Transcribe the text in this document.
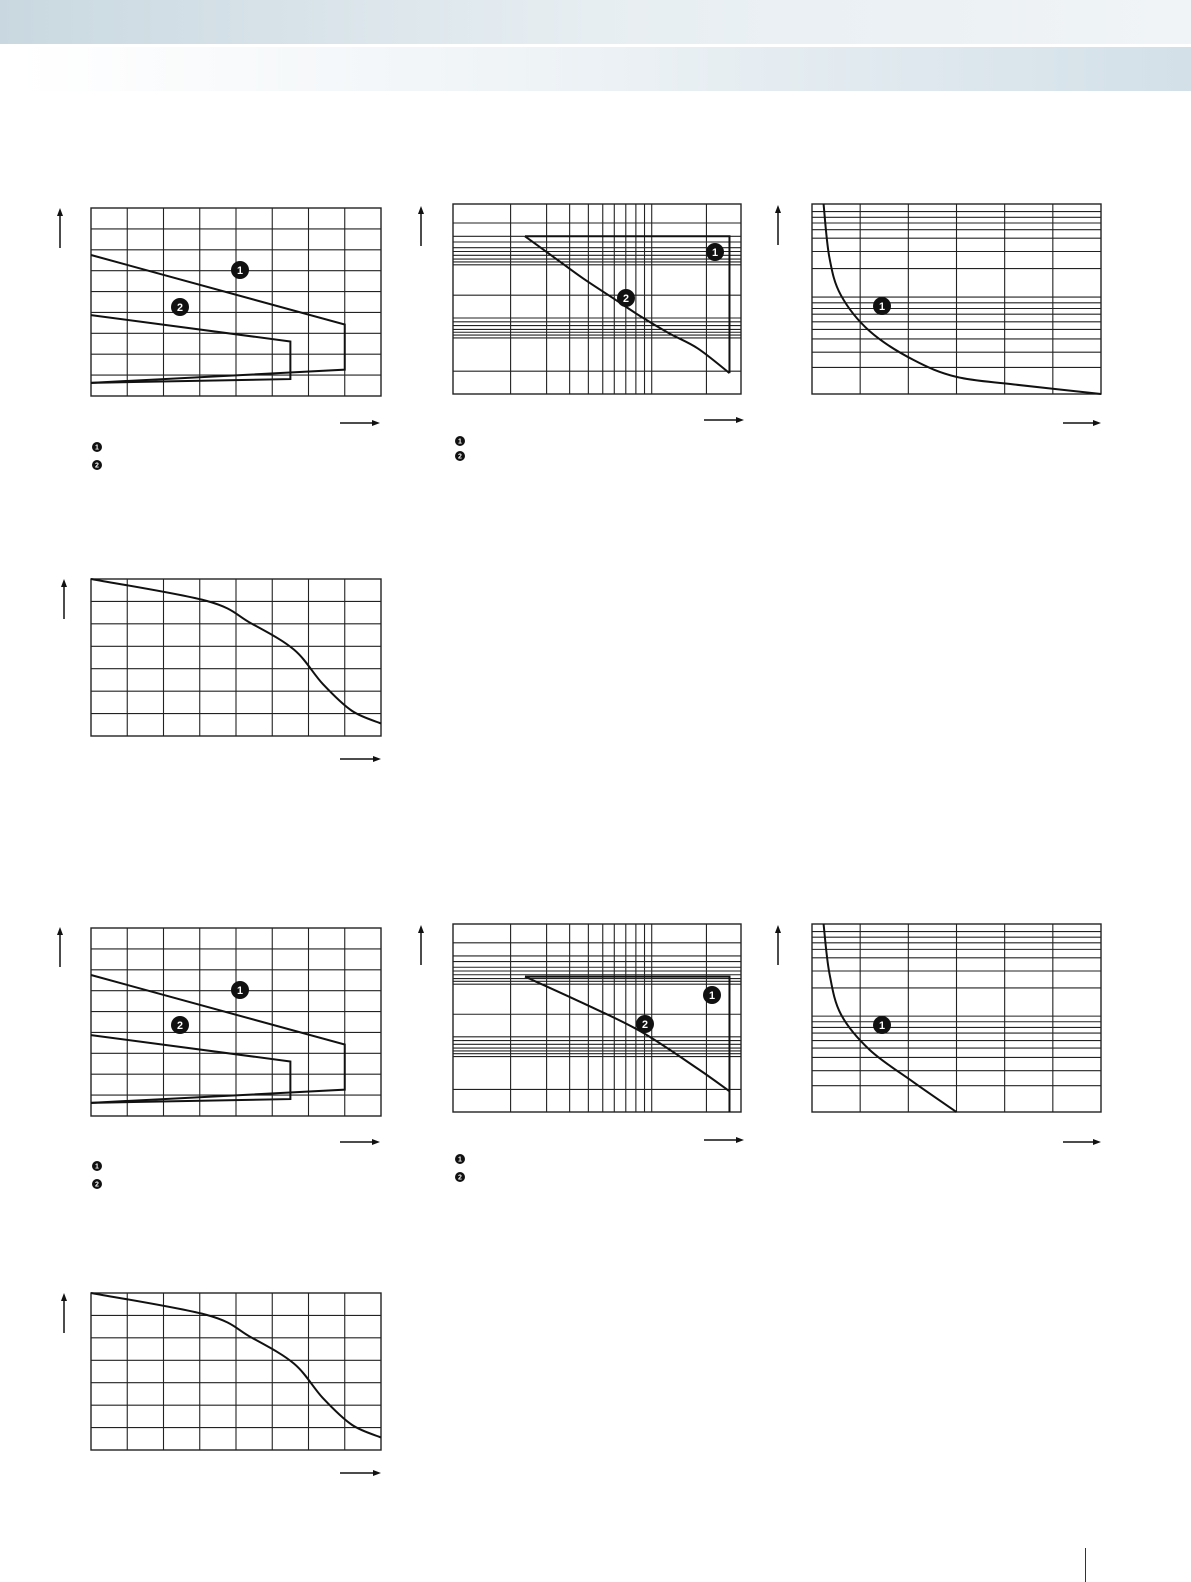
1
2
1
2
1
2
1
2
1
1
2
1
2
1
2
1
2
1
